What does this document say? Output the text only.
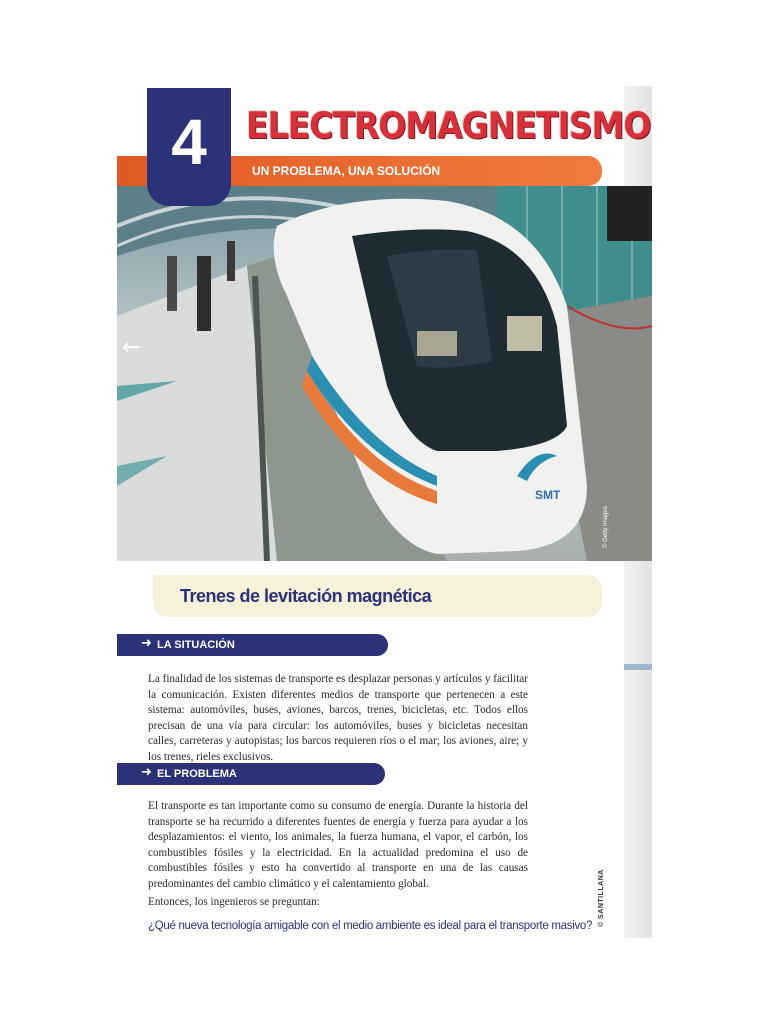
SMT
© Getty Images
←
UN PROBLEMA, UNA SOLUCIÓN
4	ELECTROMAGNETISMO
Trenes de levitación magnética
➜ LA SITUACIÓN
La finalidad de los sistemas de transporte es desplazar personas y artículos y facilitar la comunicación. Existen diferentes medios de transporte que pertenecen a este sistema: automóviles, buses, aviones, barcos, trenes, bicicletas, etc. Todos ellos precisan de una vía para circular: los automóviles, buses y bicicletas necesitan calles, carreteras y autopistas; los barcos requieren ríos o el mar; los aviones, aire; y los trenes, rieles exclusivos.
➜ EL PROBLEMA
El transporte es tan importante como su consumo de energía. Durante la historia del transporte se ha recurrido a diferentes fuentes de energía y fuerza para ayudar a los desplazamientos: el viento, los animales, la fuerza humana, el vapor, el carbón, los combustibles fósiles y la electricidad. En la actualidad predomina el uso de combustibles fósiles y esto ha convertido al transporte en una de las causas predominantes del cambio climático y el calentamiento global.
Entonces, los ingenieros se preguntan:
¿Qué nueva tecnología amigable con el medio ambiente es ideal para el transporte masivo? © SANTILLANA
